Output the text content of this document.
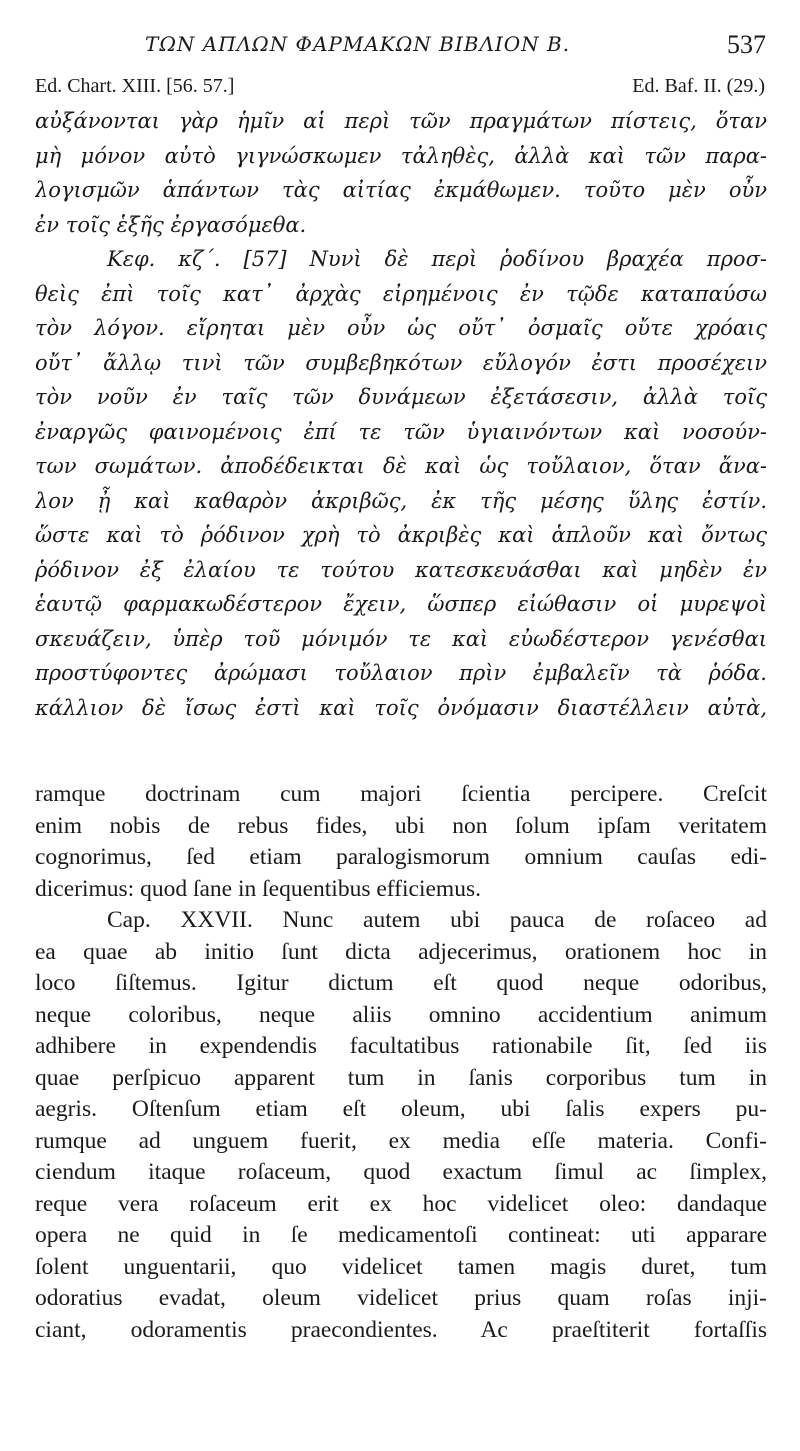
ΤΩΝ ΑΠΛΩΝ ΦΑΡΜΑΚΩΝ ΒΙΒΛΙΟΝ Β.	537
Ed. Chart. XIII. [56. 57.]	Ed. Baf. II. (29.)
αὐξάνονται γὰρ ἡμῖν αἱ περὶ τῶν πραγμάτων πίστεις, ὅταν
μὴ μόνον αὐτὸ γιγνώσκωμεν τἀληθὲς, ἀλλὰ καὶ τῶν παρα-
λογισμῶν ἁπάντων τὰς αἰτίας ἐκμάθωμεν. τοῦτο μὲν οὖν
ἐν τοῖς ἑξῆς ἐργασόμεθα.
Κεφ. κζ΄. [57] Νυνὶ δὲ περὶ ῥοδίνου βραχέα προσ-
θεὶς ἐπὶ τοῖς κατ᾽ ἀρχὰς εἰρημένοις ἐν τῷδε καταπαύσω
τὸν λόγον. εἴρηται μὲν οὖν ὡς οὔτ᾽ ὀσμαῖς οὔτε χρόαις
οὔτ᾽ ἄλλῳ τινὶ τῶν συμβεβηκότων εὔλογόν ἐστι προσέχειν
τὸν νοῦν ἐν ταῖς τῶν δυνάμεων ἐξετάσεσιν, ἀλλὰ τοῖς
ἐναργῶς φαινομένοις ἐπί τε τῶν ὑγιαινόντων καὶ νοσούν-
των σωμάτων. ἀποδέδεικται δὲ καὶ ὡς τοὔλαιον, ὅταν ἄνα-
λον ᾖ καὶ καθαρὸν ἀκριβῶς, ἐκ τῆς μέσης ὕλης ἐστίν.
ὥστε καὶ τὸ ῥόδινον χρὴ τὸ ἀκριβὲς καὶ ἁπλοῦν καὶ ὄντως
ῥόδινον ἐξ ἐλαίου τε τούτου κατεσκευάσθαι καὶ μηδὲν ἐν
ἑαυτῷ φαρμακωδέστερον ἔχειν, ὥσπερ εἰώθασιν οἱ μυρεψοὶ
σκευάζειν, ὑπὲρ τοῦ μόνιμόν τε καὶ εὐωδέστερον γενέσθαι
προστύφοντες ἀρώμασι τοὔλαιον πρὶν ἐμβαλεῖν τὰ ῥόδα.
κάλλιον δὲ ἴσως ἐστὶ καὶ τοῖς ὀνόμασιν διαστέλλειν αὐτὰ,
ramque doctrinam cum majori ſcientia percipere. Creſcit
enim nobis de rebus fides, ubi non ſolum ipſam veritatem
cognorimus, ſed etiam paralogismorum omnium cauſas edi-
dicerimus: quod ſane in ſequentibus efficiemus.
Cap. XXVII. Nunc autem ubi pauca de roſaceo ad
ea quae ab initio ſunt dicta adjecerimus, orationem hoc in
loco ſiſtemus. Igitur dictum eſt quod neque odoribus,
neque coloribus, neque aliis omnino accidentium animum
adhibere in expendendis facultatibus rationabile ſit, ſed iis
quae perſpicuo apparent tum in ſanis corporibus tum in
aegris. Oſtenſum etiam eſt oleum, ubi ſalis expers pu-
rumque ad unguem fuerit, ex media eſſe materia. Confi-
ciendum itaque roſaceum, quod exactum ſimul ac ſimplex,
reque vera roſaceum erit ex hoc videlicet oleo: dandaque
opera ne quid in ſe medicamentoſi contineat: uti apparare
ſolent unguentarii, quo videlicet tamen magis duret, tum
odoratius evadat, oleum videlicet prius quam roſas inji-
ciant, odoramentis praecondientes. Ac praeſtiterit fortaſſis
